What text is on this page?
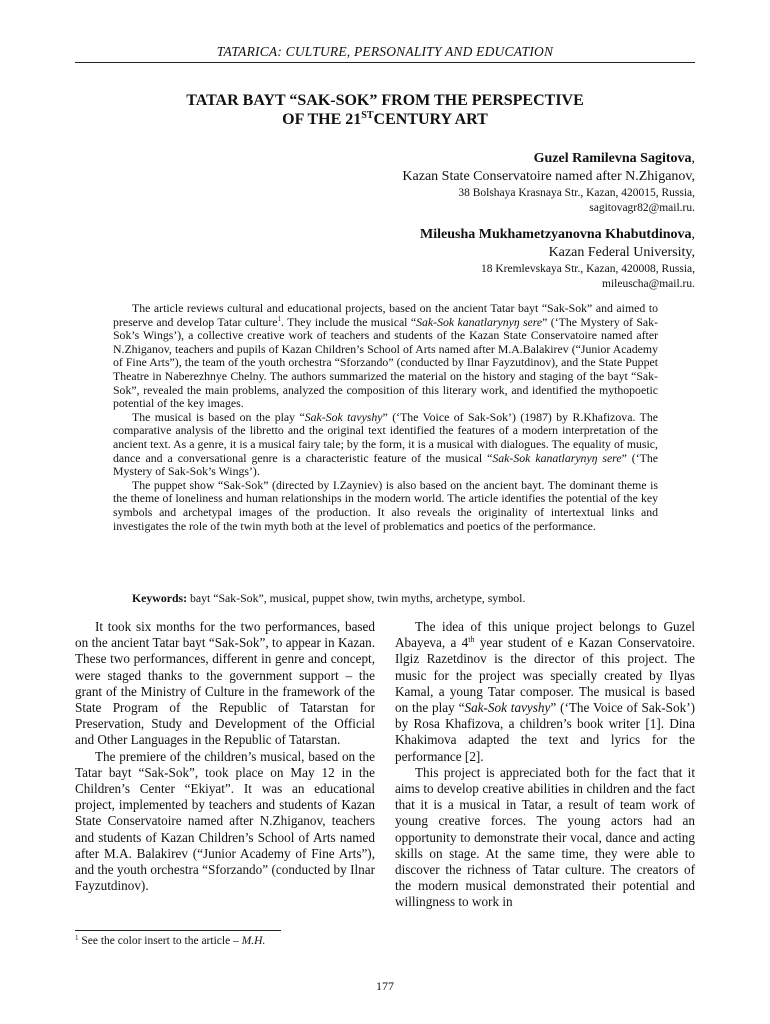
TATARICA: CULTURE, PERSONALITY AND EDUCATION
TATAR BAYT “SAK-SOK” FROM THE PERSPECTIVE
OF THE 21STCENTURY ART
Guzel Ramilevna Sagitova,
Kazan State Conservatoire named after N.Zhiganov,
38 Bolshaya Krasnaya Str., Kazan, 420015, Russia,
sagitovagr82@mail.ru.
Mileusha Mukhametzyanovna Khabutdinova,
Kazan Federal University,
18 Kremlevskaya Str., Kazan, 420008, Russia,
mileuscha@mail.ru.

The article reviews cultural and educational projects, based on the ancient Tatar bayt “Sak-Sok” and aimed to preserve and develop Tatar culture$^1$. They include the musical “Sak-Sok kanatlarynyŋ sere” (‘The Mystery of Sak-Sok’s Wings’), a collective creative work of teachers and students of the Kazan State Conservatoire named after N.Zhiganov, teachers and pupils of Kazan Children’s School of Arts named after M.A.Balakirev (“Junior Academy of Fine Arts”), the team of the youth orchestra “Sforzando” (conducted by Ilnar Fayzutdinov), and the State Puppet Theatre in Naberezhnye Chelny. The authors summarized the material on the history and staging of the bayt “Sak-Sok”, revealed the main problems, analyzed the composition of this literary work, and identified the mythopoetic potential of the key images.

The musical is based on the play “Sak-Sok tavyshy” (‘The Voice of Sak-Sok’) (1987) by R.Khafizova. The comparative analysis of the libretto and the original text identified the features of a modern interpretation of the ancient text. As a genre, it is a musical fairy tale; by the form, it is a musical with dialogues. The equality of music, dance and a conversational genre is a characteristic feature of the musical “Sak-Sok kanatlarynyŋ sere” (‘The Mystery of Sak-Sok’s Wings’).

The puppet show “Sak-Sok” (directed by I.Zayniev) is also based on the ancient bayt. The dominant theme is the theme of loneliness and human relationships in the modern world. The article identifies the potential of the key symbols and archetypal images of the production. It also reveals the originality of intertextual links and investigates the role of the twin myth both at the level of problematics and poetics of the performance.

Keywords: bayt “Sak-Sok”, musical, puppet show, twin myths, archetype, symbol.

It took six months for the two performances, based on the ancient Tatar bayt “Sak-Sok”, to appear in Kazan. These two performances, different in genre and concept, were staged thanks to the government support – the grant of the Ministry of Culture in the framework of the State Program of the Republic of Tatarstan for Preservation, Study and Development of the Official and Other Languages in the Republic of Tatarstan.

The premiere of the children’s musical, based on the Tatar bayt “Sak-Sok”, took place on May 12 in the Children’s Center “Ekiyat”. It was an educational project, implemented by teachers and students of Kazan State Conservatoire named after N.Zhiganov, teachers and students of Kazan Children’s School of Arts named after M.A. Balakirev (“Junior Academy of Fine Arts”), and the youth orchestra “Sforzando” (conducted by Ilnar Fayzutdinov).

The idea of this unique project belongs to Guzel Abayeva, a 4th year student of e Kazan Conservatoire. Ilgiz Razetdinov is the director of this project. The music for the project was specially created by Ilyas Kamal, a young Tatar composer. The musical is based on the play “Sak-Sok tavyshy” (‘The Voice of Sak-Sok’) by Rosa Khafizova, a children’s book writer [1]. Dina Khakimova adapted the text and lyrics for the performance [2].

This project is appreciated both for the fact that it aims to develop creative abilities in children and the fact that it is a musical in Tatar, a result of team work of young creative forces. The young actors had an opportunity to demonstrate their vocal, dance and acting skills on stage. At the same time, they were able to discover the richness of Tatar culture. The creators of the modern musical demonstrated their potential and willingness to work in

$^1$ See the color insert to the article – M.H.
177
